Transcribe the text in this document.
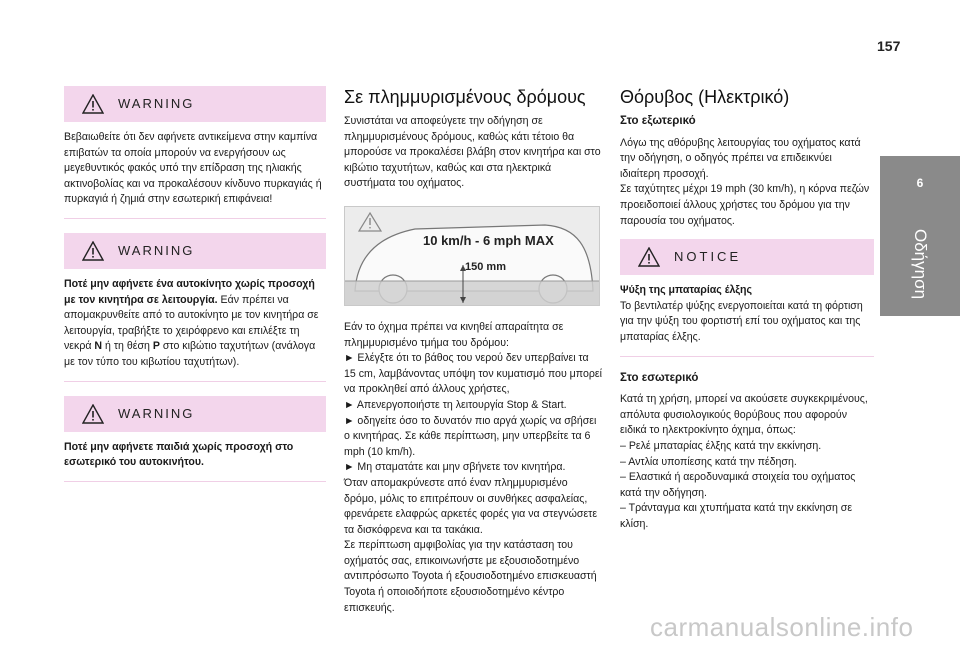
157
6
Οδήγηση
WARNING

Βεβαιωθείτε ότι δεν αφήνετε αντικείμενα στην καμπίνα επιβατών τα οποία μπορούν να ενεργήσουν ως μεγεθυντικός φακός υπό την επίδραση της ηλιακής ακτινοβολίας και να προκαλέσουν κίνδυνο πυρκαγιάς ή πυρκαγιά ή ζημιά στην εσωτερική επιφάνεια!

WARNING

Ποτέ μην αφήνετε ένα αυτοκίνητο χωρίς προσοχή με τον κινητήρα σε λειτουργία. Εάν πρέπει να απομακρυνθείτε από το αυτοκίνητο με τον κινητήρα σε λειτουργία, τραβήξτε το χειρόφρενο και επιλέξτε τη νεκρά N ή τη θέση P στο κιβώτιο ταχυτήτων (ανάλογα με τον τύπο του κιβωτίου ταχυτήτων).

WARNING

Ποτέ μην αφήνετε παιδιά χωρίς προσοχή στο εσωτερικό του αυτοκινήτου.

Σε πλημμυρισμένους δρόμους

Συνιστάται να αποφεύγετε την οδήγηση σε πλημμυρισμένους δρόμους, καθώς κάτι τέτοιο θα μπορούσε να προκαλέσει βλάβη στον κινητήρα και στο κιβώτιο ταχυτήτων, καθώς και στα ηλεκτρικά συστήματα του οχήματος.

10 km/h - 6 mph MAX
150 mm

Εάν το όχημα πρέπει να κινηθεί απαραίτητα σε πλημμυρισμένο τμήμα του δρόμου:

► Ελέγξτε ότι το βάθος του νερού δεν υπερβαίνει τα 15 cm, λαμβάνοντας υπόψη τον κυματισμό που μπορεί να προκληθεί από άλλους χρήστες,

► Απενεργοποιήστε τη λειτουργία Stop & Start.

► οδηγείτε όσο το δυνατόν πιο αργά χωρίς να σβήσει ο κινητήρας. Σε κάθε περίπτωση, μην υπερβείτε τα 6 mph (10 km/h).

► Μη σταματάτε και μην σβήνετε τον κινητήρα.

Όταν απομακρύνεστε από έναν πλημμυρισμένο δρόμο, μόλις το επιτρέπουν οι συνθήκες ασφαλείας, φρενάρετε ελαφρώς αρκετές φορές για να στεγνώσετε τα δισκόφρενα και τα τακάκια.

Σε περίπτωση αμφιβολίας για την κατάσταση του οχήματός σας, επικοινωνήστε με εξουσιοδοτημένο αντιπρόσωπο Toyota ή εξουσιοδοτημένο επισκευαστή Toyota ή οποιοδήποτε εξουσιοδοτημένο κέντρο επισκευής.

Θόρυβος (Ηλεκτρικό)
Στο εξωτερικό

Λόγω της αθόρυβης λειτουργίας του οχήματος κατά την οδήγηση, ο οδηγός πρέπει να επιδεικνύει ιδιαίτερη προσοχή.

Σε ταχύτητες μέχρι 19 mph (30 km/h), η κόρνα πεζών προειδοποιεί άλλους χρήστες του δρόμου για την παρουσία του οχήματος.

NOTICE

Ψύξη της μπαταρίας έλξης

Το βεντιλατέρ ψύξης ενεργοποιείται κατά τη φόρτιση για την ψύξη του φορτιστή επί του οχήματος και της μπαταρίας έλξης.

Στο εσωτερικό

Κατά τη χρήση, μπορεί να ακούσετε συγκεκριμένους, απόλυτα φυσιολογικούς θορύβους που αφορούν ειδικά το ηλεκτροκίνητο όχημα, όπως:

– Ρελέ μπαταρίας έλξης κατά την εκκίνηση.

– Αντλία υποπίεσης κατά την πέδηση.

– Ελαστικά ή αεροδυναμικά στοιχεία του οχήματος κατά την οδήγηση.

– Τράνταγμα και χτυπήματα κατά την εκκίνηση σε κλίση.

carmanualsonline.info
